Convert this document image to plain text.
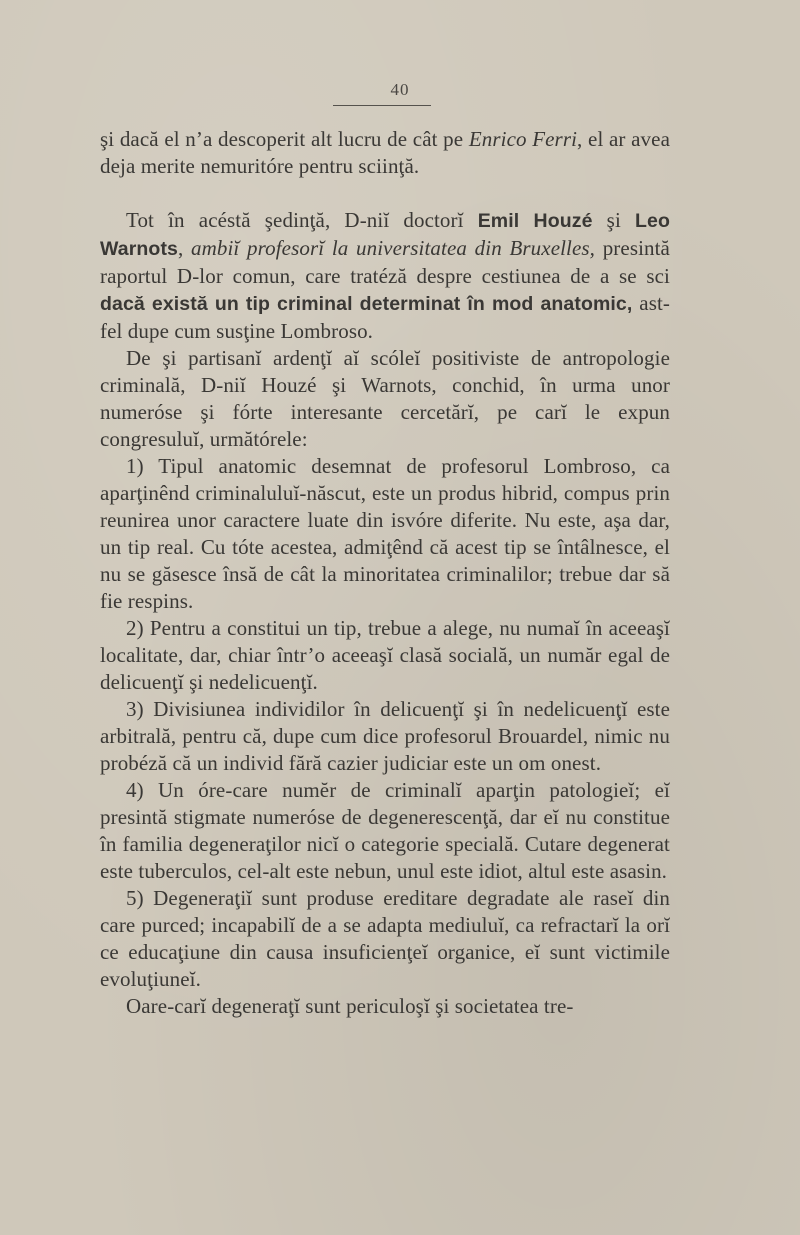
40

şi dacă el n’a descoperit alt lucru de cât pe Enrico Ferri, el ar avea deja merite nemuritóre pentru sciinţă.

Tot în acéstă şedinţă, D-niĭ doctorĭ Emil Houzé şi Leo Warnots, ambiĭ profesorĭ la universitatea din Bruxelles, presintă raportul D-lor comun, care tratéză despre cestiunea de a se sci dacă există un tip criminal determinat în mod anatomic, ast-fel dupe cum susţine Lombroso.

De şi partisanĭ ardenţĭ aĭ scóleĭ positiviste de antropologie criminală, D-niĭ Houzé şi Warnots, conchid, în urma unor numeróse şi fórte interesante cercetărĭ, pe carĭ le expun congresuluĭ, următórele:

1) Tipul anatomic desemnat de profesorul Lombroso, ca aparţinênd criminaluluĭ-născut, este un produs hibrid, compus prin reunirea unor caractere luate din isvóre diferite. Nu este, aşa dar, un tip real. Cu tóte acestea, admiţênd că acest tip se întâlnesce, el nu se găsesce însă de cât la minoritatea criminalilor; trebue dar să fie respins.

2) Pentru a constitui un tip, trebue a alege, nu numaĭ în aceeaşĭ localitate, dar, chiar într’o aceeaşĭ clasă socială, un număr egal de delicuenţĭ şi nedelicuenţĭ.

3) Divisiunea individilor în delicuenţĭ şi în nedelicuenţĭ este arbitrală, pentru că, dupe cum dice profesorul Brouardel, nimic nu probéză că un individ fără cazier judiciar este un om onest.

4) Un óre-care numĕr de criminalĭ aparţin patologieĭ; eĭ presintă stigmate numeróse de degenerescenţă, dar eĭ nu constitue în familia degeneraţilor nicĭ o categorie specială. Cutare degenerat este tuberculos, cel-alt este nebun, unul este idiot, altul este asasin.

5) Degeneraţiĭ sunt produse ereditare degradate ale raseĭ din care purced; incapabilĭ de a se adapta mediuluĭ, ca refractarĭ la orĭ ce educaţiune din causa insuficienţeĭ organice, eĭ sunt victimile evoluţiuneĭ.

Oare-carĭ degeneraţĭ sunt periculoşĭ şi societatea tre-
